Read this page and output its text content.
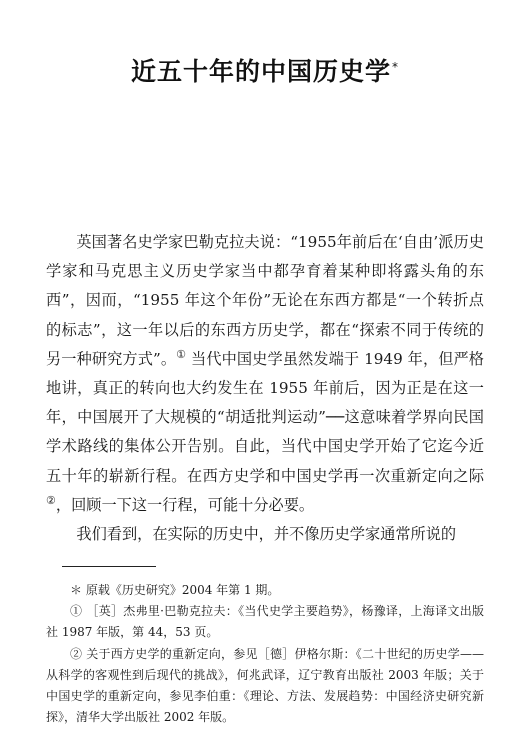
近五十年的中国历史学*

英国著名史学家巴勒克拉夫说：“1955年前后在‘自由’派历史学家和马克思主义历史学家当中都孕育着某种即将露头角的东西”，因而，“1955 年这个年份”无论在东西方都是“一个转折点的标志”，这一年以后的东西方历史学，都在“探索不同于传统的另一种研究方式”。① 当代中国史学虽然发端于 1949 年，但严格地讲，真正的转向也大约发生在 1955 年前后，因为正是在这一年，中国展开了大规模的“胡适批判运动”──这意味着学界向民国学术路线的集体公开告别。自此，当代中国史学开始了它迄今近五十年的崭新行程。在西方史学和中国史学再一次重新定向之际②，回顾一下这一行程，可能十分必要。

我们看到，在实际的历史中，并不像历史学家通常所说的

＊ 原载《历史研究》2004 年第 1 期。

① ［英］杰弗里·巴勒克拉夫：《当代史学主要趋势》，杨豫译，上海译文出版社 1987 年版，第 44，53 页。

② 关于西方史学的重新定向，参见［德］伊格尔斯：《二十世纪的历史学——从科学的客观性到后现代的挑战》，何兆武译，辽宁教育出版社 2003 年版；关于中国史学的重新定向，参见李伯重：《理论、方法、发展趋势：中国经济史研究新探》，清华大学出版社 2002 年版。
